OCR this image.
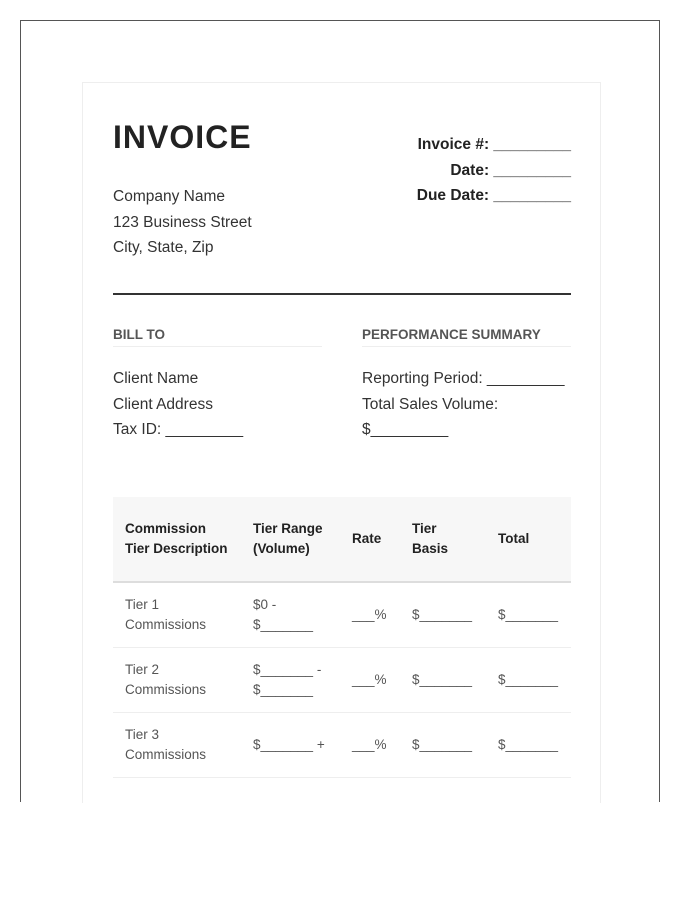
INVOICE
Company Name
123 Business Street
City, State, Zip
Invoice #: _________
Date: _________
Due Date: _________
BILL TO
Client Name
Client Address
Tax ID: _________
PERFORMANCE SUMMARY
Reporting Period: _________
Total Sales Volume:
$_________
Commission Tier Description	Tier Range (Volume)	Rate	Tier Basis	Total
Tier 1 Commissions	$0 - $_______	___%	$_______	$_______
Tier 2 Commissions	$_______ - $_______	___%	$_______	$_______
Tier 3 Commissions	$_______ +	___%	$_______	$_______
